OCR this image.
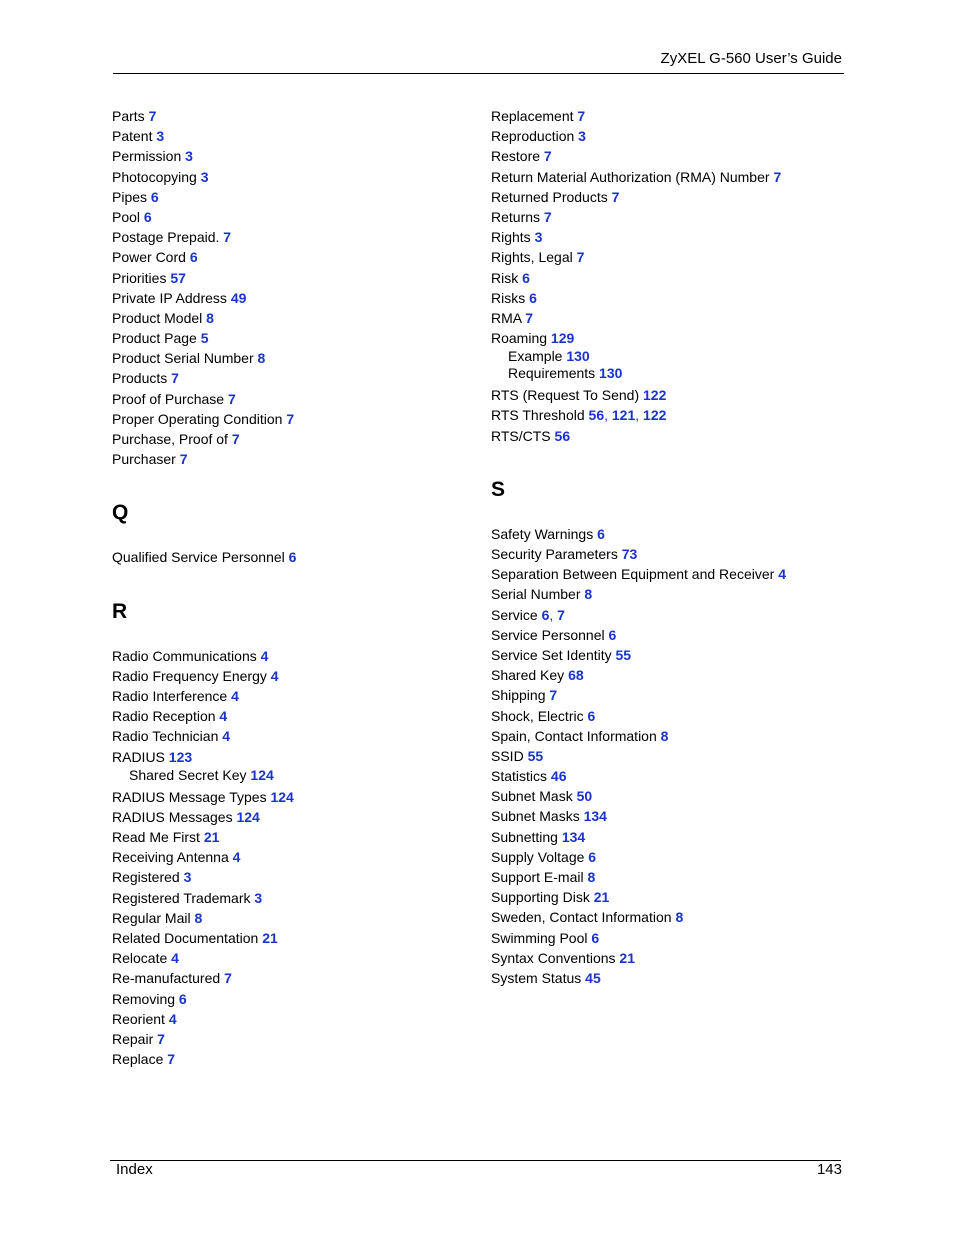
ZyXEL G-560 User’s Guide
Parts 7
Patent 3
Permission 3
Photocopying 3
Pipes 6
Pool 6
Postage Prepaid. 7
Power Cord 6
Priorities 57
Private IP Address 49
Product Model 8
Product Page 5
Product Serial Number 8
Products 7
Proof of Purchase 7
Proper Operating Condition 7
Purchase, Proof of 7
Purchaser 7
Q
Qualified Service Personnel 6
R
Radio Communications 4
Radio Frequency Energy 4
Radio Interference 4
Radio Reception 4
Radio Technician 4
RADIUS 123
Shared Secret Key 124
RADIUS Message Types 124
RADIUS Messages 124
Read Me First 21
Receiving Antenna 4
Registered 3
Registered Trademark 3
Regular Mail 8
Related Documentation 21
Relocate 4
Re-manufactured 7
Removing 6
Reorient 4
Repair 7
Replace 7
Replacement 7
Reproduction 3
Restore 7
Return Material Authorization (RMA) Number 7
Returned Products 7
Returns 7
Rights 3
Rights, Legal 7
Risk 6
Risks 6
RMA 7
Roaming 129
Example 130
Requirements 130
RTS (Request To Send) 122
RTS Threshold 56, 121, 122
RTS/CTS 56
S
Safety Warnings 6
Security Parameters 73
Separation Between Equipment and Receiver 4
Serial Number 8
Service 6, 7
Service Personnel 6
Service Set Identity 55
Shared Key 68
Shipping 7
Shock, Electric 6
Spain, Contact Information 8
SSID 55
Statistics 46
Subnet Mask 50
Subnet Masks 134
Subnetting 134
Supply Voltage 6
Support E-mail 8
Supporting Disk 21
Sweden, Contact Information 8
Swimming Pool 6
Syntax Conventions 21
System Status 45
Index	143
